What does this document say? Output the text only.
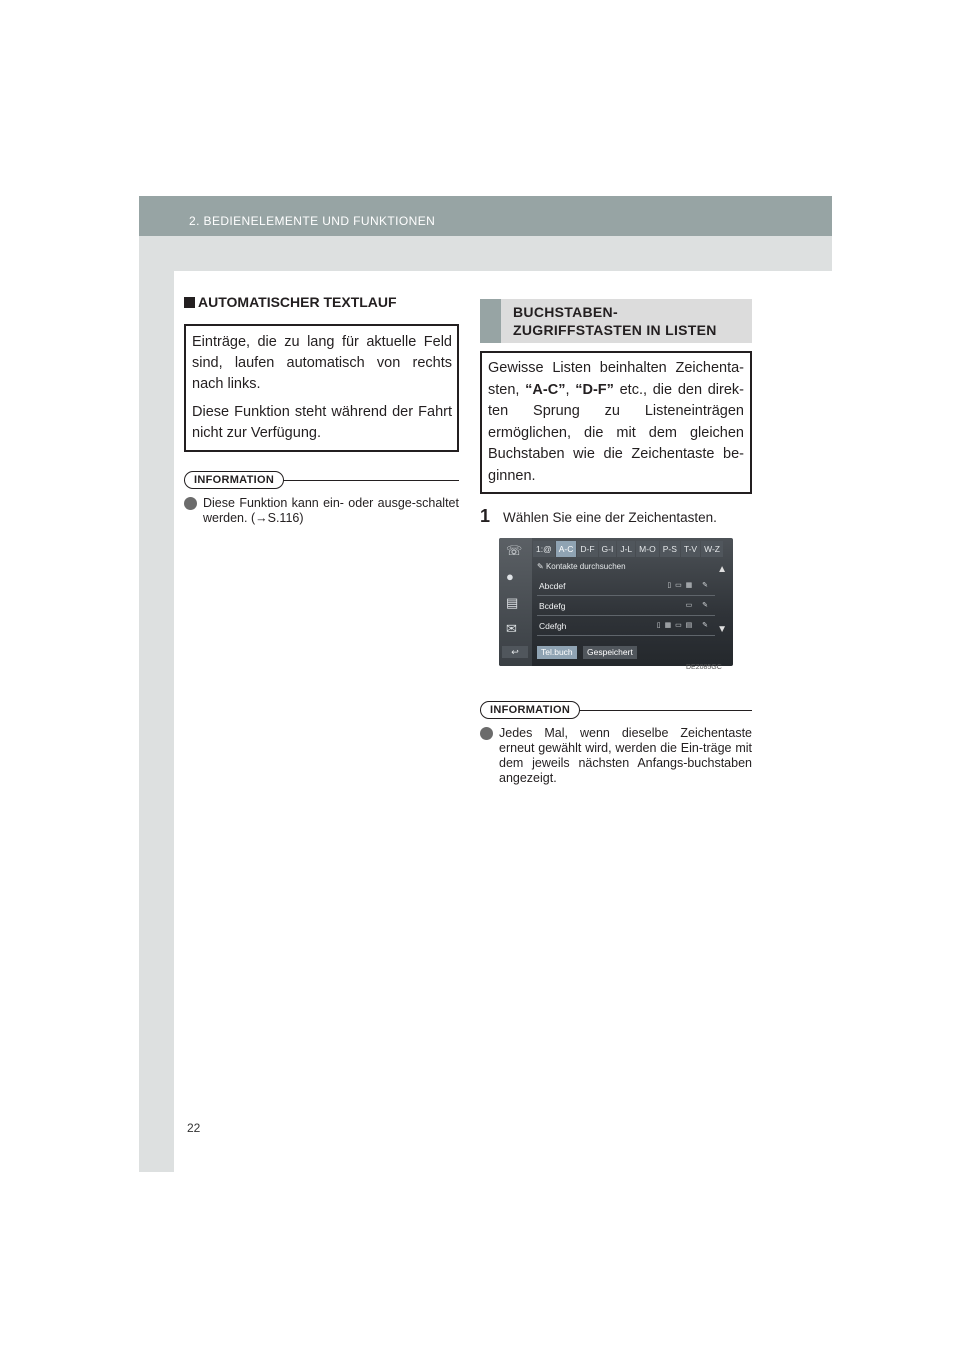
2. BEDIENELEMENTE UND FUNKTIONEN
AUTOMATISCHER TEXTLAUF

Einträge, die zu lang für aktuelle Feld sind, laufen automatisch von rechts nach links.

Diese Funktion steht während der Fahrt nicht zur Verfügung.

INFORMATION
Diese Funktion kann ein- oder ausge-schaltet werden. (→S.116)
BUCHSTABEN-
ZUGRIFFSTASTEN IN LISTEN
Gewisse Listen beinhalten Zeichenta-sten, “A-C”, “D-F” etc., die den direk-ten Sprung zu Listeneinträgen ermöglichen, die mit dem gleichen Buchstaben wie die Zeichentaste be-ginnen.
1 Wählen Sie eine der Zeichentasten.
☏
●
▤
✉
1:@ A-C D-F G-I J-L M-O P-S T-V W-Z
✎ Kontakte durchsuchen
Abcdef	▯ ▭ ▦   ✎
Bcdefg	▭   ✎
Cdefgh	▯ ▦ ▭ ▤   ✎
▲
▼
↩	Tel.buch	Gespeichert
DE2085GC
INFORMATION
Jedes Mal, wenn dieselbe Zeichentaste erneut gewählt wird, werden die Ein-träge mit dem jeweils nächsten Anfangs-buchstaben angezeigt.
22
